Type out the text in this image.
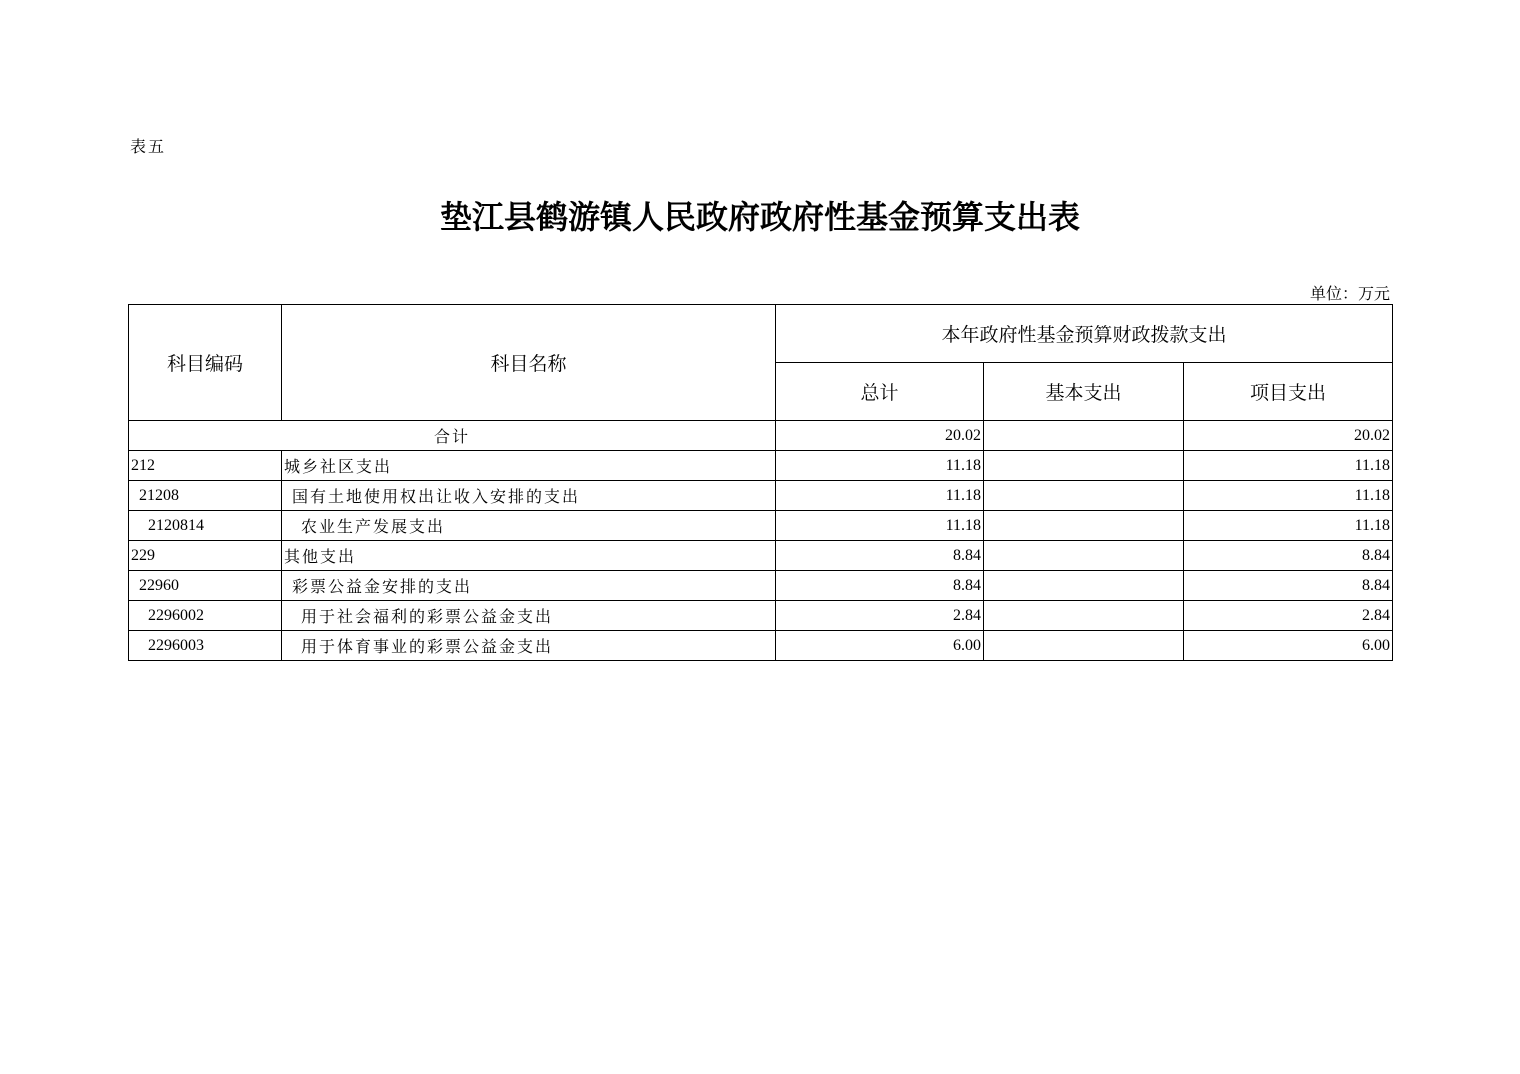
表五
垫江县鹤游镇人民政府政府性基金预算支出表
单位：万元
科目编码	科目名称	本年政府性基金预算财政拨款支出		
		总计	基本支出	项目支出
合计		20.02		20.02
212	城乡社区支出	11.18		11.18
21208	国有土地使用权出让收入安排的支出	11.18		11.18
2120814	农业生产发展支出	11.18		11.18
229	其他支出	8.84		8.84
22960	彩票公益金安排的支出	8.84		8.84
2296002	用于社会福利的彩票公益金支出	2.84		2.84
2296003	用于体育事业的彩票公益金支出	6.00		6.00
